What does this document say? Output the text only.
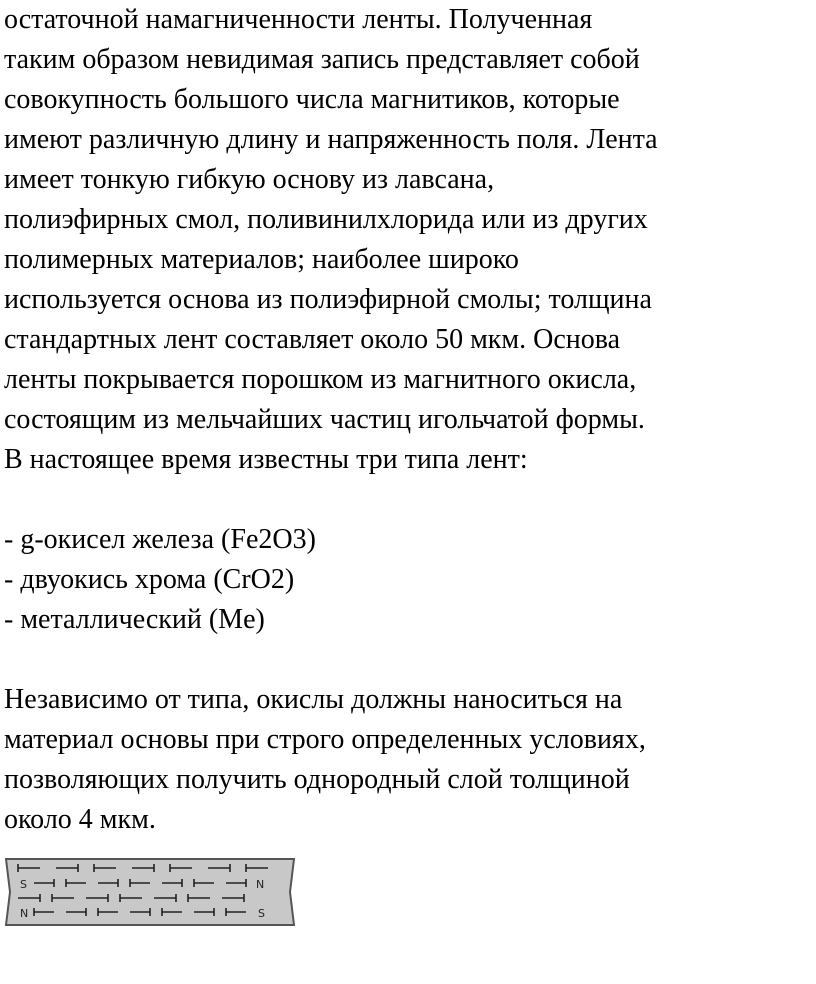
остаточной намагниченности ленты. Полученная
таким образом невидимая запись представляет собой
совокупность большого числа магнитиков, которые
имеют различную длину и напряженность поля. Лента
имеет тонкую гибкую основу из лавсана,
полиэфирных смол, поливинилхлорида или из других
полимерных материалов; наиболее широко
используется основа из полиэфирной смолы; толщина
стандартных лент составляет около 50 мкм. Основа
ленты покрывается порошком из магнитного окисла,
состоящим из мельчайших частиц игольчатой формы.
В настоящее время известны три типа лент:
- g-окисел железа (Fe2O3)
- двуокись хрома (CrO2)
- металлический (Me)
Независимо от типа, окислы должны наноситься на
материал основы при строго определенных условиях,
позволяющих получить однородный слой толщиной
около 4 мкм.
S	N
N	S
